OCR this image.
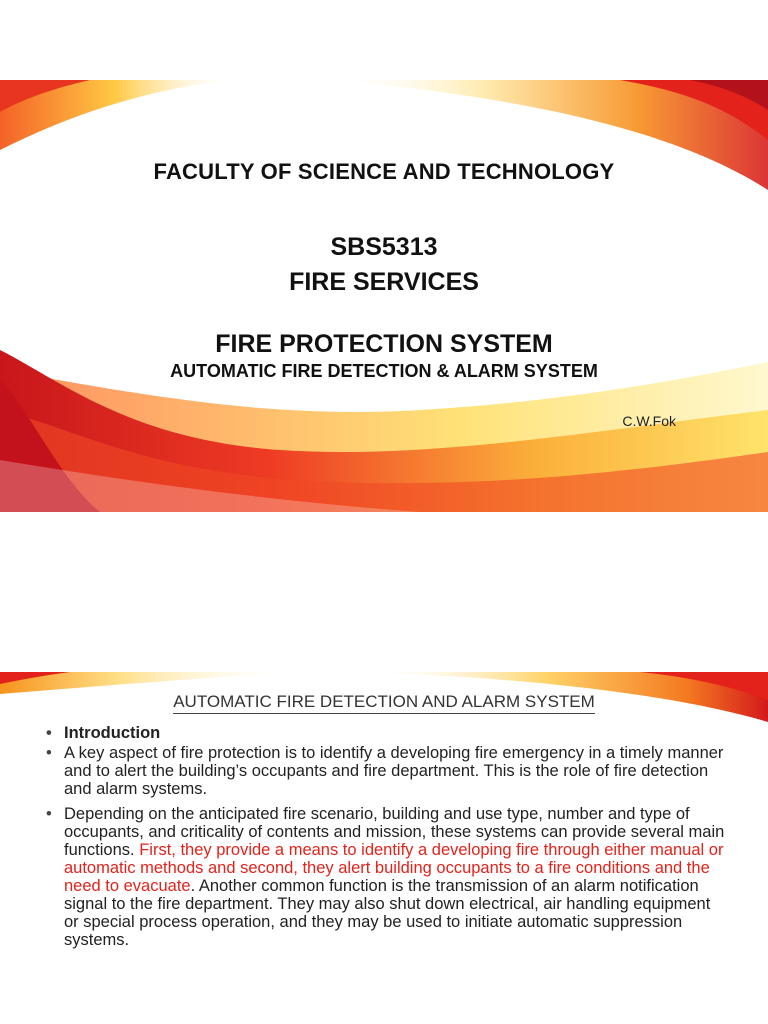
FACULTY OF SCIENCE AND TECHNOLOGY
SBS5313
FIRE SERVICES
FIRE PROTECTION SYSTEM
AUTOMATIC FIRE DETECTION & ALARM SYSTEM

C.W.Fok

AUTOMATIC FIRE DETECTION AND ALARM SYSTEM
• Introduction
• A key aspect of fire protection is to identify a developing fire emergency in a timely manner and to alert the building’s occupants and fire department. This is the role of fire detection and alarm systems.
• Depending on the anticipated fire scenario, building and use type, number and type of occupants, and criticality of contents and mission, these systems can provide several main functions. First, they provide a means to identify a developing fire through either manual or automatic methods and second, they alert building occupants to a fire conditions and the need to evacuate. Another common function is the transmission of an alarm notification signal to the fire department. They may also shut down electrical, air handling equipment or special process operation, and they may be used to initiate automatic suppression systems.
